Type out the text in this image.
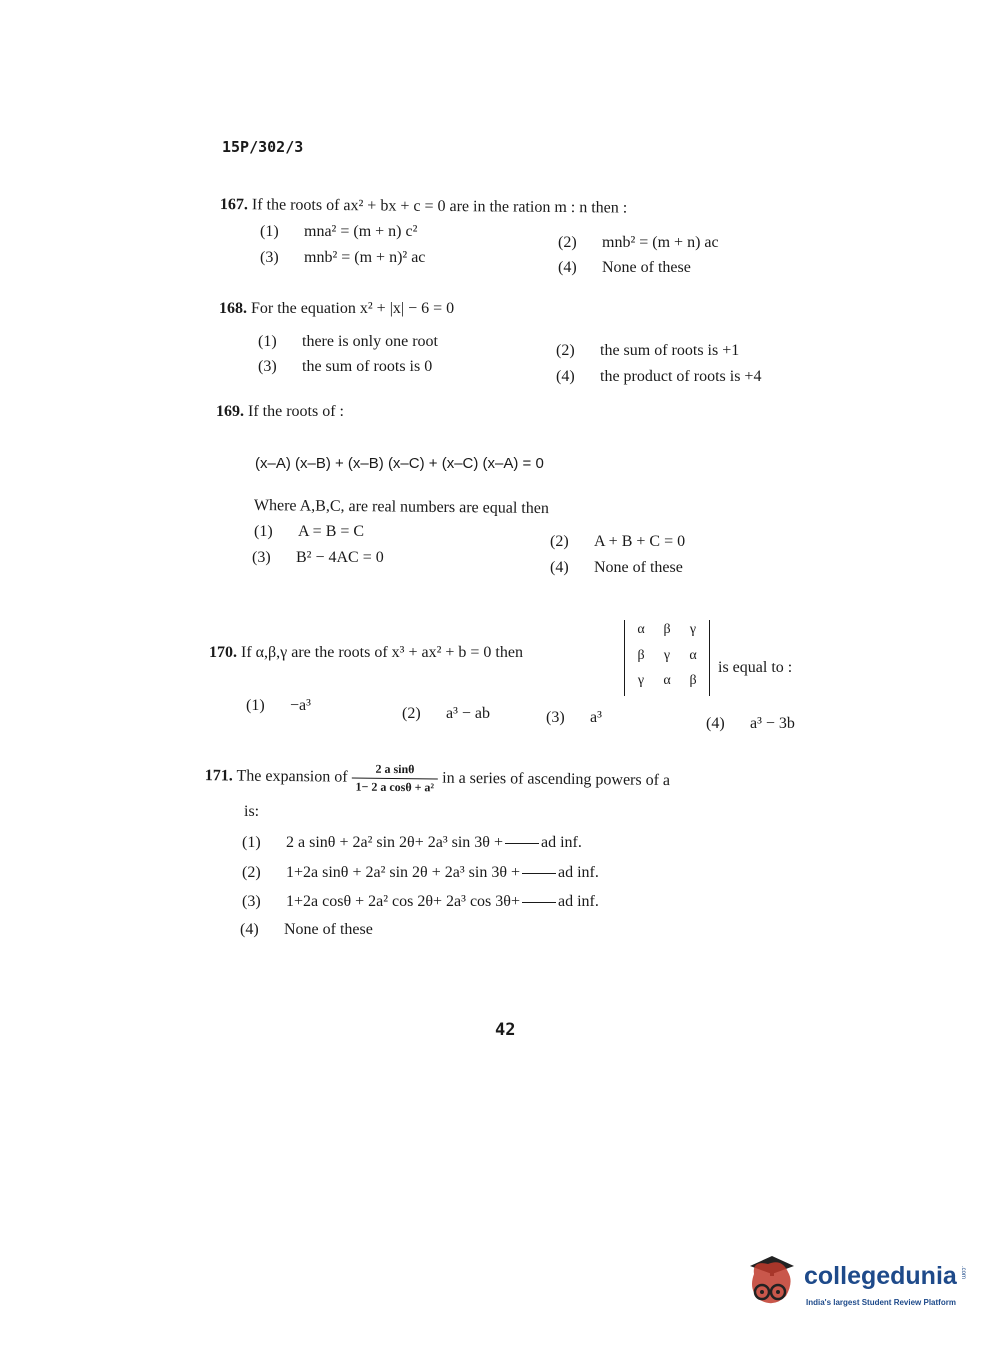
15P/302/3
167. If the roots of ax² + bx + c = 0 are in the ration m : n then :
(1) mna² = (m + n) c²
(2) mnb² = (m + n) ac
(3) mnb² = (m + n)² ac
(4) None of these
168. For the equation x² + |x| − 6 = 0
(1) there is only one root
(2) the sum of roots is +1
(3) the sum of roots is 0
(4) the product of roots is +4
169. If the roots of :
(x–A) (x–B) + (x–B) (x–C) + (x–C) (x–A) = 0
Where A,B,C, are real numbers are equal then
(1) A = B = C
(2) A + B + C = 0
(3) B² − 4AC = 0
(4) None of these
170. If α,β,γ are the roots of x³ + ax² + b = 0 then
α	β	γ
β	γ	α
γ	α	β
is equal to :
(1) −a³	(2) a³ − ab	(3) a³	(4) a³ − 3b
171. The expansion of $\frac{\text{2 a sinθ}}{\text{1− 2 a cosθ + a²}}$ in a series of ascending powers of a
is:
(1) 2 a sinθ + 2a² sin 2θ+ 2a³ sin 3θ + ad inf.
(2) 1+2a sinθ + 2a² sin 2θ + 2a³ sin 3θ + ad inf.
(3) 1+2a cosθ + 2a² cos 2θ+ 2a³ cos 3θ+ ad inf.
(4) None of these
42
collegedunia .com
India's largest Student Review Platform
